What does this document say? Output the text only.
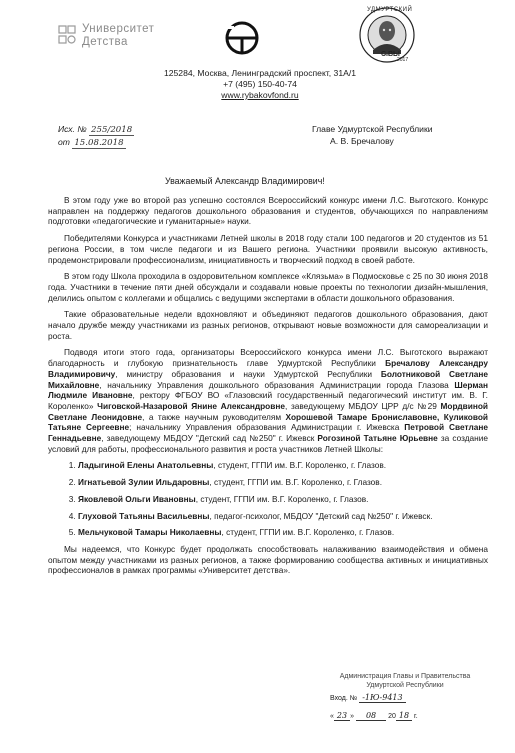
Университет
Детства
УДМУРТСКИЙ
С.ВЫ
2017
125284, Москва, Ленинградский проспект, 31А/1
+7 (495) 150-40-74
www.rybakovfond.ru
Исх. № 255/2018
от 15.08.2018
Главе Удмуртской Республики
А. В. Бречалову
Уважаемый Александр Владимирович!

В этом году уже во второй раз успешно состоялся Всероссийский конкурс имени Л.С. Выготского. Конкурс направлен на поддержку педагогов дошкольного образования и студентов, обучающихся по направлениям подготовки «педагогические и гуманитарные» науки.

Победителями Конкурса и участниками Летней школы в 2018 году стали 100 педагогов и 20 студентов из 51 региона России, в том числе педагоги и из Вашего региона. Участники проявили высокую активность, продемонстрировали профессионализм, инициативность и творческий подход в своей работе.

В этом году Школа проходила в оздоровительном комплексе «Клязьма» в Подмосковье с 25 по 30 июня 2018 года. Участники в течение пяти дней обсуждали и создавали новые проекты по технологии дизайн-мышления, делились опытом с коллегами и общались с ведущими экспертами в области дошкольного образования.

Такие образовательные недели вдохновляют и объединяют педагогов дошкольного образования, дают начало дружбе между участниками из разных регионов, открывают новые возможности для самореализации и роста.

Подводя итоги этого года, организаторы Всероссийского конкурса имени Л.С. Выготского выражают благодарность и глубокую признательность главе Удмуртской Республики Бречалову Александру Владимировичу, министру образования и науки Удмуртской Республики Болотниковой Светлане Михайловне, начальнику Управления дошкольного образования Администрации города Глазова Шерман Людмиле Ивановне, ректору ФГБОУ ВО «Глазовский государственный педагогический институт им. В. Г. Короленко» Чиговской-Назаровой Янине Александровне, заведующему МБДОУ ЦРР д/с №29 Мордвиной Светлане Леонидовне, а также научным руководителям Хорошевой Тамаре Брониславовне, Куликовой Татьяне Сергеевне; начальнику Управления образования Администрации г. Ижевска Петровой Светлане Геннадьевне, заведующему МБДОУ "Детский сад №250" г. Ижевск Рогозиной Татьяне Юрьевне за создание условий для работы, профессионального развития и роста участников Летней Школы:

1. Ладыгиной Елены Анатольевны, студент, ГГПИ им. В.Г. Короленко, г. Глазов.
2. Игнатьевой Зулии Ильдаровны, студент, ГГПИ им. В.Г. Короленко, г. Глазов.
3. Яковлевой Ольги Ивановны, студент, ГГПИ им. В.Г. Короленко, г. Глазов.
4. Глуховой Татьяны Васильевны, педагог-психолог, МБДОУ "Детский сад №250" г. Ижевск.
5. Мельчуковой Тамары Николаевны, студент, ГГПИ им. В.Г. Короленко, г. Глазов.

Мы надеемся, что Конкурс будет продолжать способствовать налаживанию взаимодействия и обмена опытом между участниками из разных регионов, а также формированию сообщества активных и инициативных профессионалов в рамках программы «Университет детства».

Администрация Главы и Правительства
Удмуртской Республики
Вход. № -1Ю-9413
« 23 » 08 20 18 г.
